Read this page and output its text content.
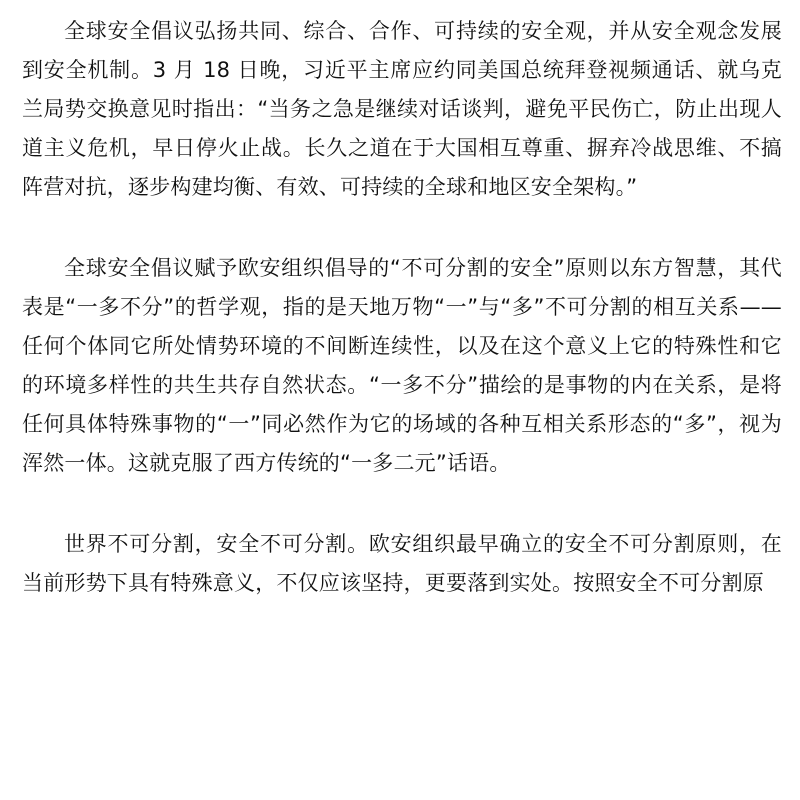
全球安全倡议弘扬共同、综合、合作、可持续的安全观，并从安全观念发展到安全机制。3 月 18 日晚，习近平主席应约同美国总统拜登视频通话、就乌克兰局势交换意见时指出：“当务之急是继续对话谈判，避免平民伤亡，防止出现人道主义危机，早日停火止战。长久之道在于大国相互尊重、摒弃冷战思维、不搞阵营对抗，逐步构建均衡、有效、可持续的全球和地区安全架构。”

全球安全倡议赋予欧安组织倡导的“不可分割的安全”原则以东方智慧，其代表是“一多不分”的哲学观，指的是天地万物“一”与“多”不可分割的相互关系——任何个体同它所处情势环境的不间断连续性，以及在这个意义上它的特殊性和它的环境多样性的共生共存自然状态。“一多不分”描绘的是事物的内在关系，是将任何具体特殊事物的“一”同必然作为它的场域的各种互相关系形态的“多”，视为浑然一体。这就克服了西方传统的“一多二元”话语。

世界不可分割，安全不可分割。欧安组织最早确立的安全不可分割原则，在当前形势下具有特殊意义，不仅应该坚持，更要落到实处。按照安全不可分割原
